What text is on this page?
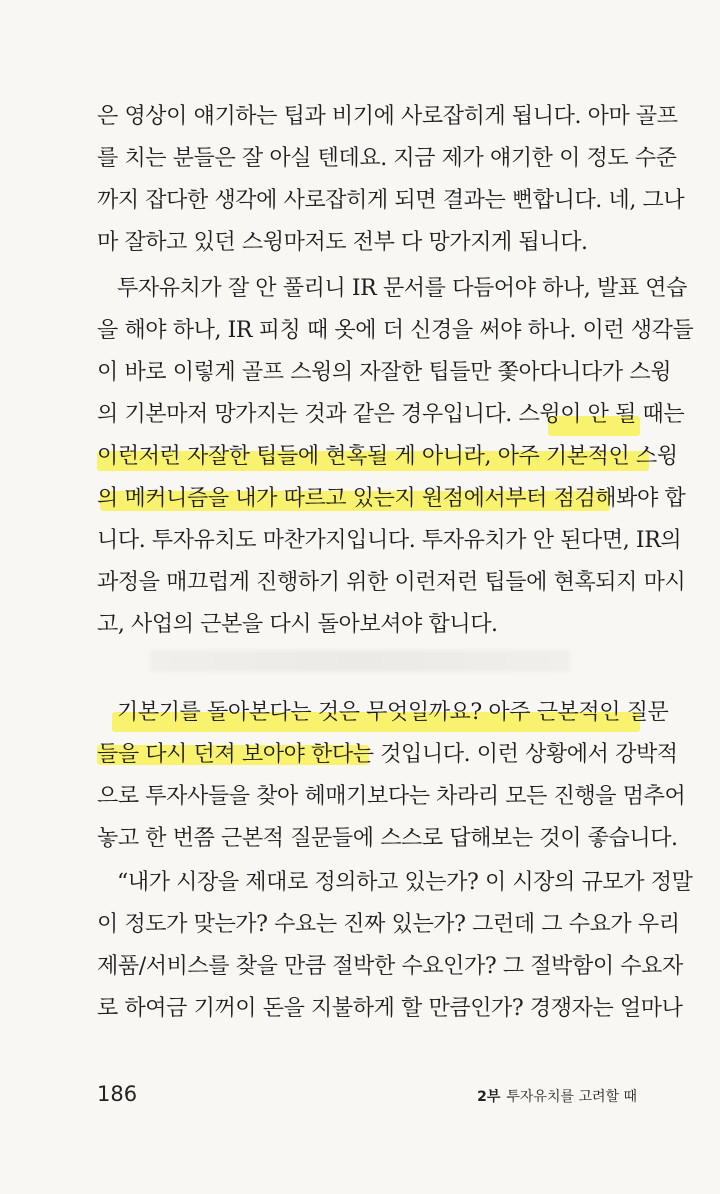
은 영상이 얘기하는 팁과 비기에 사로잡히게 됩니다. 아마 골프
를 치는 분들은 잘 아실 텐데요. 지금 제가 얘기한 이 정도 수준
까지 잡다한 생각에 사로잡히게 되면 결과는 뻔합니다. 네, 그나
마 잘하고 있던 스윙마저도 전부 다 망가지게 됩니다.
투자유치가 잘 안 풀리니 IR 문서를 다듬어야 하나, 발표 연습
을 해야 하나, IR 피칭 때 옷에 더 신경을 써야 하나. 이런 생각들
이 바로 이렇게 골프 스윙의 자잘한 팁들만 쫓아다니다가 스윙
의 기본마저 망가지는 것과 같은 경우입니다. 스윙이 안 될 때는
이런저런 자잘한 팁들에 현혹될 게 아니라, 아주 기본적인 스윙
의 메커니즘을 내가 따르고 있는지 원점에서부터 점검해봐야 합
니다. 투자유치도 마찬가지입니다. 투자유치가 안 된다면, IR의
과정을 매끄럽게 진행하기 위한 이런저런 팁들에 현혹되지 마시
고, 사업의 근본을 다시 돌아보셔야 합니다.
기본기를 돌아본다는 것은 무엇일까요? 아주 근본적인 질문
들을 다시 던져 보아야 한다는 것입니다. 이런 상황에서 강박적
으로 투자사들을 찾아 헤매기보다는 차라리 모든 진행을 멈추어
놓고 한 번쯤 근본적 질문들에 스스로 답해보는 것이 좋습니다.
“내가 시장을 제대로 정의하고 있는가? 이 시장의 규모가 정말
이 정도가 맞는가? 수요는 진짜 있는가? 그런데 그 수요가 우리
제품/서비스를 찾을 만큼 절박한 수요인가? 그 절박함이 수요자
로 하여금 기꺼이 돈을 지불하게 할 만큼인가? 경쟁자는 얼마나
186	2부 투자유치를 고려할 때
